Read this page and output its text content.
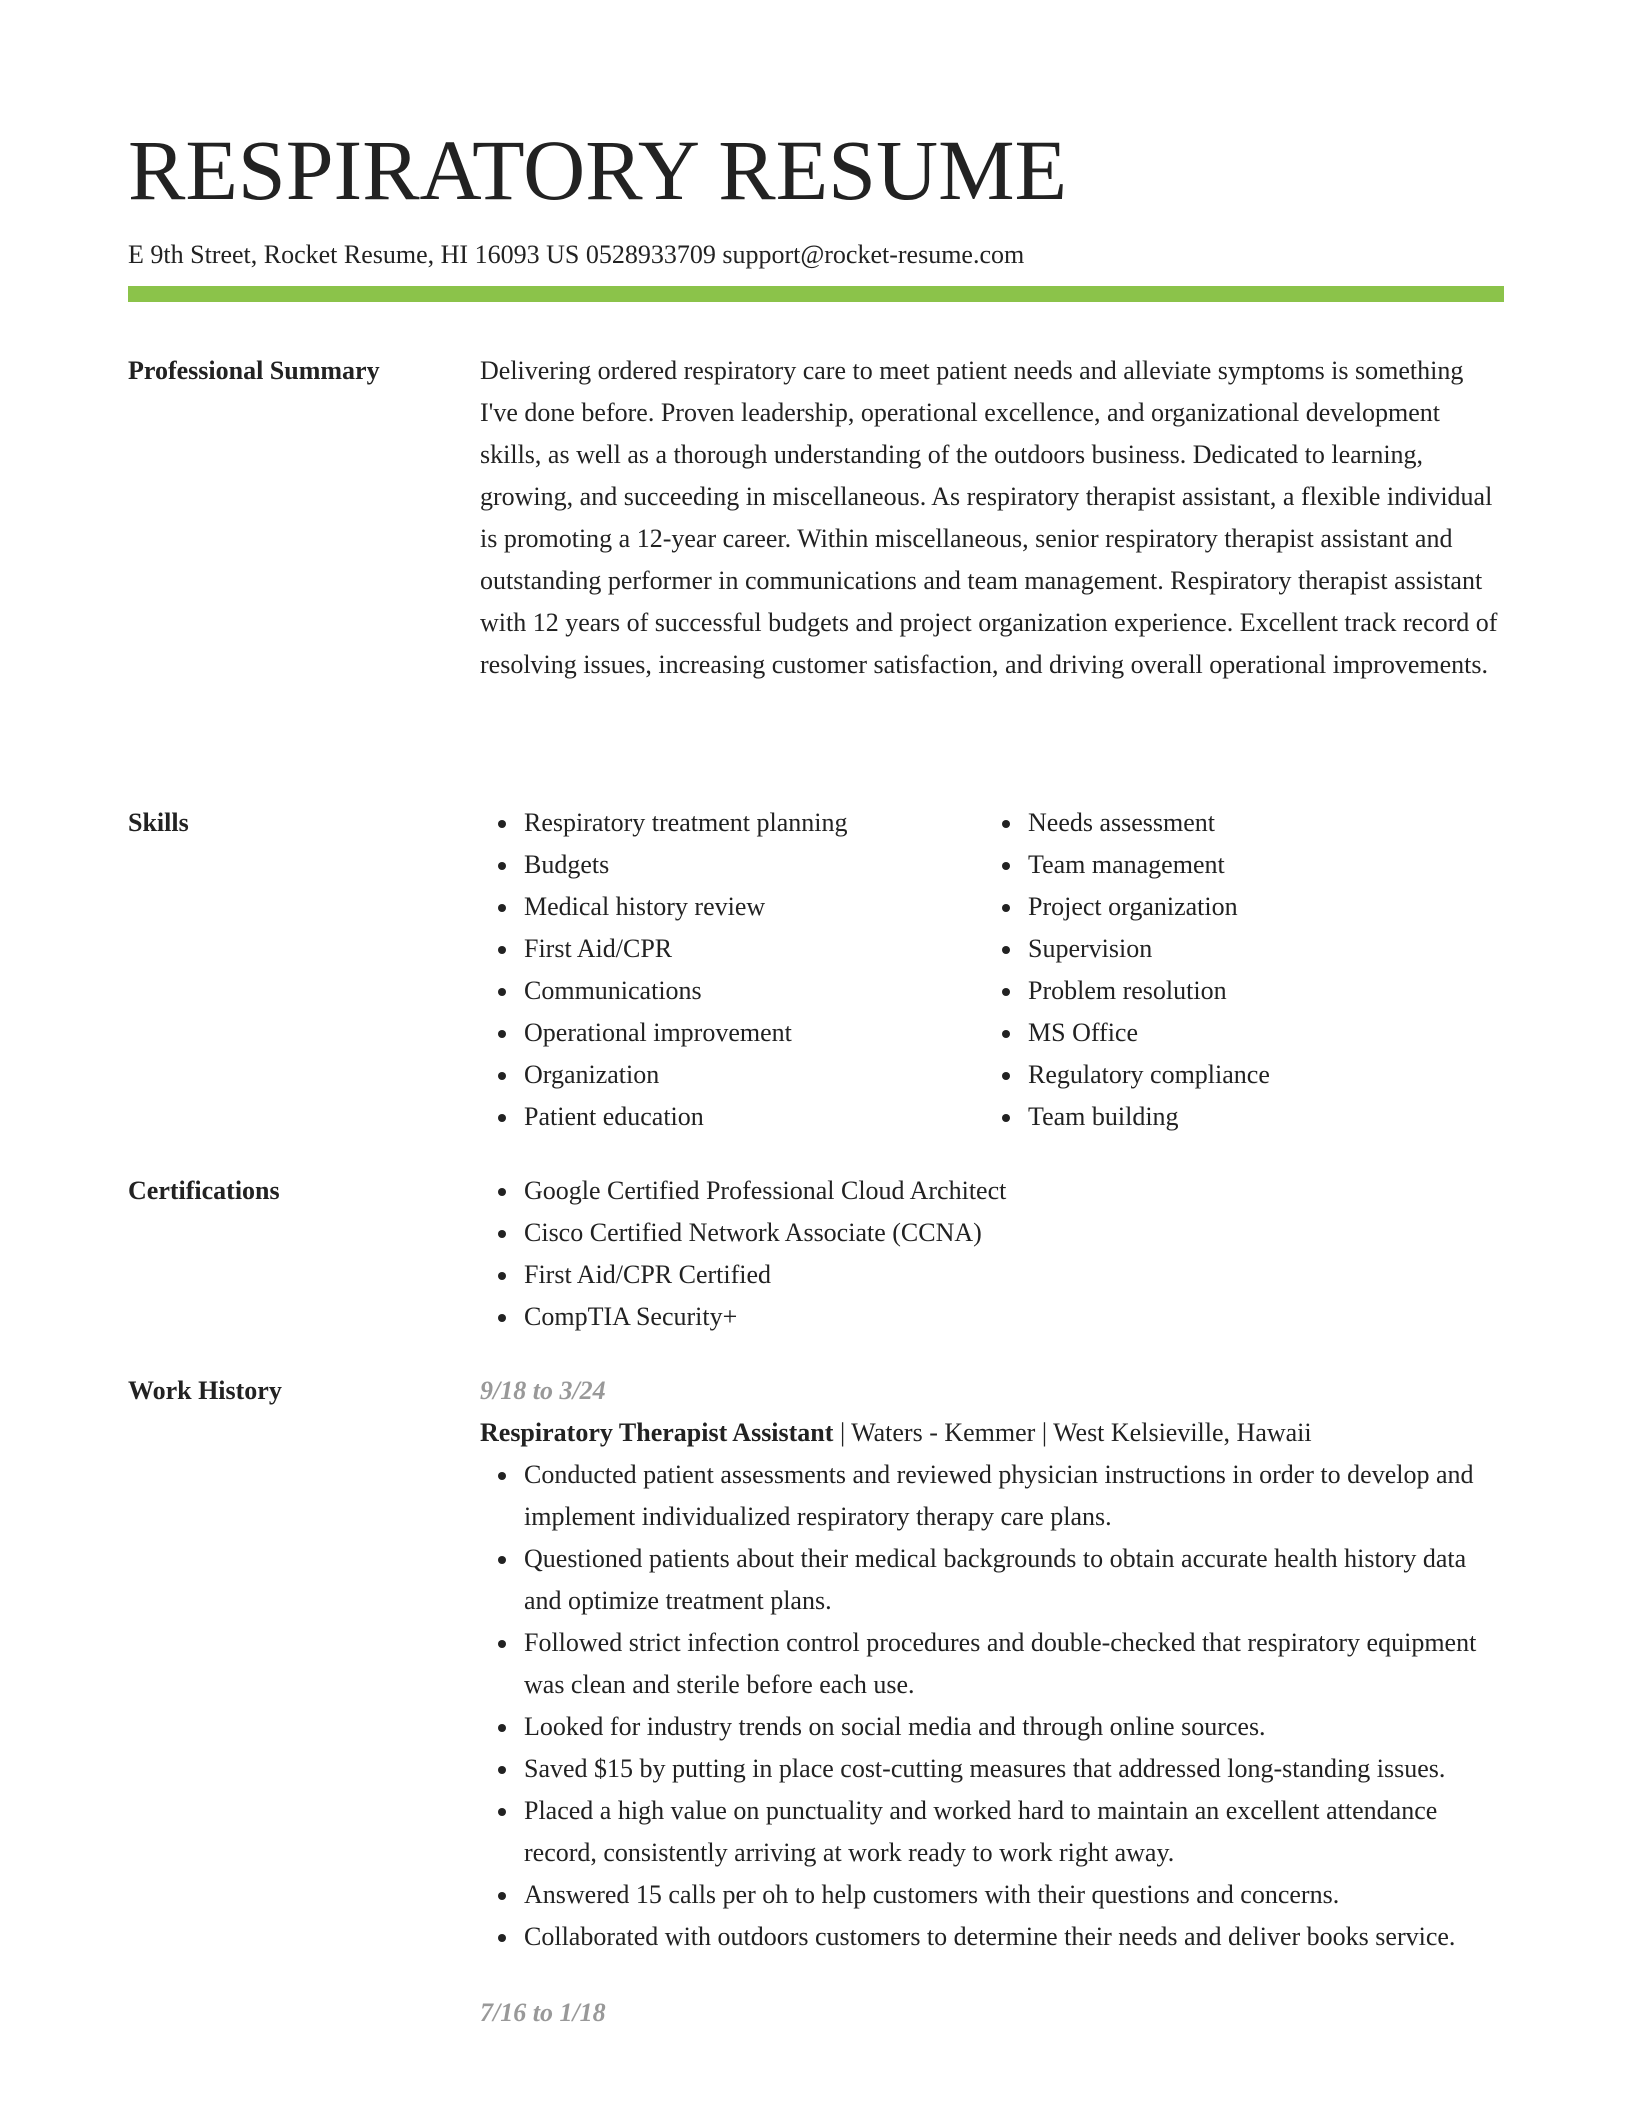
RESPIRATORY RESUME
E 9th Street, Rocket Resume, HI 16093 US 0528933709 support@rocket-resume.com
Professional Summary	Delivering ordered respiratory care to meet patient needs and alleviate symptoms is something I've done before. Proven leadership, operational excellence, and organizational development skills, as well as a thorough understanding of the outdoors business. Dedicated to learning, growing, and succeeding in miscellaneous. As respiratory therapist assistant, a flexible individual is promoting a 12-year career. Within miscellaneous, senior respiratory therapist assistant and outstanding performer in communications and team management. Respiratory therapist assistant with 12 years of successful budgets and project organization experience. Excellent track record of resolving issues, increasing customer satisfaction, and driving overall operational improvements.

Skills	Respiratory treatment planning
Budgets
Medical history review
First Aid/CPR
Communications
Operational improvement
Organization
Patient education
Needs assessment
Team management
Project organization
Supervision
Problem resolution
MS Office
Regulatory compliance
Team building
Certifications	Google Certified Professional Cloud Architect
Cisco Certified Network Associate (CCNA)
First Aid/CPR Certified
CompTIA Security+
Work History	9/18 to 3/24
Respiratory Therapist Assistant | Waters - Kemmer | West Kelsieville, Hawaii
Conducted patient assessments and reviewed physician instructions in order to develop and implement individualized respiratory therapy care plans.
Questioned patients about their medical backgrounds to obtain accurate health history data and optimize treatment plans.
Followed strict infection control procedures and double-checked that respiratory equipment was clean and sterile before each use.
Looked for industry trends on social media and through online sources.
Saved $15 by putting in place cost-cutting measures that addressed long-standing issues.
Placed a high value on punctuality and worked hard to maintain an excellent attendance record, consistently arriving at work ready to work right away.
Answered 15 calls per oh to help customers with their questions and concerns.
Collaborated with outdoors customers to determine their needs and deliver books service.
7/16 to 1/18
